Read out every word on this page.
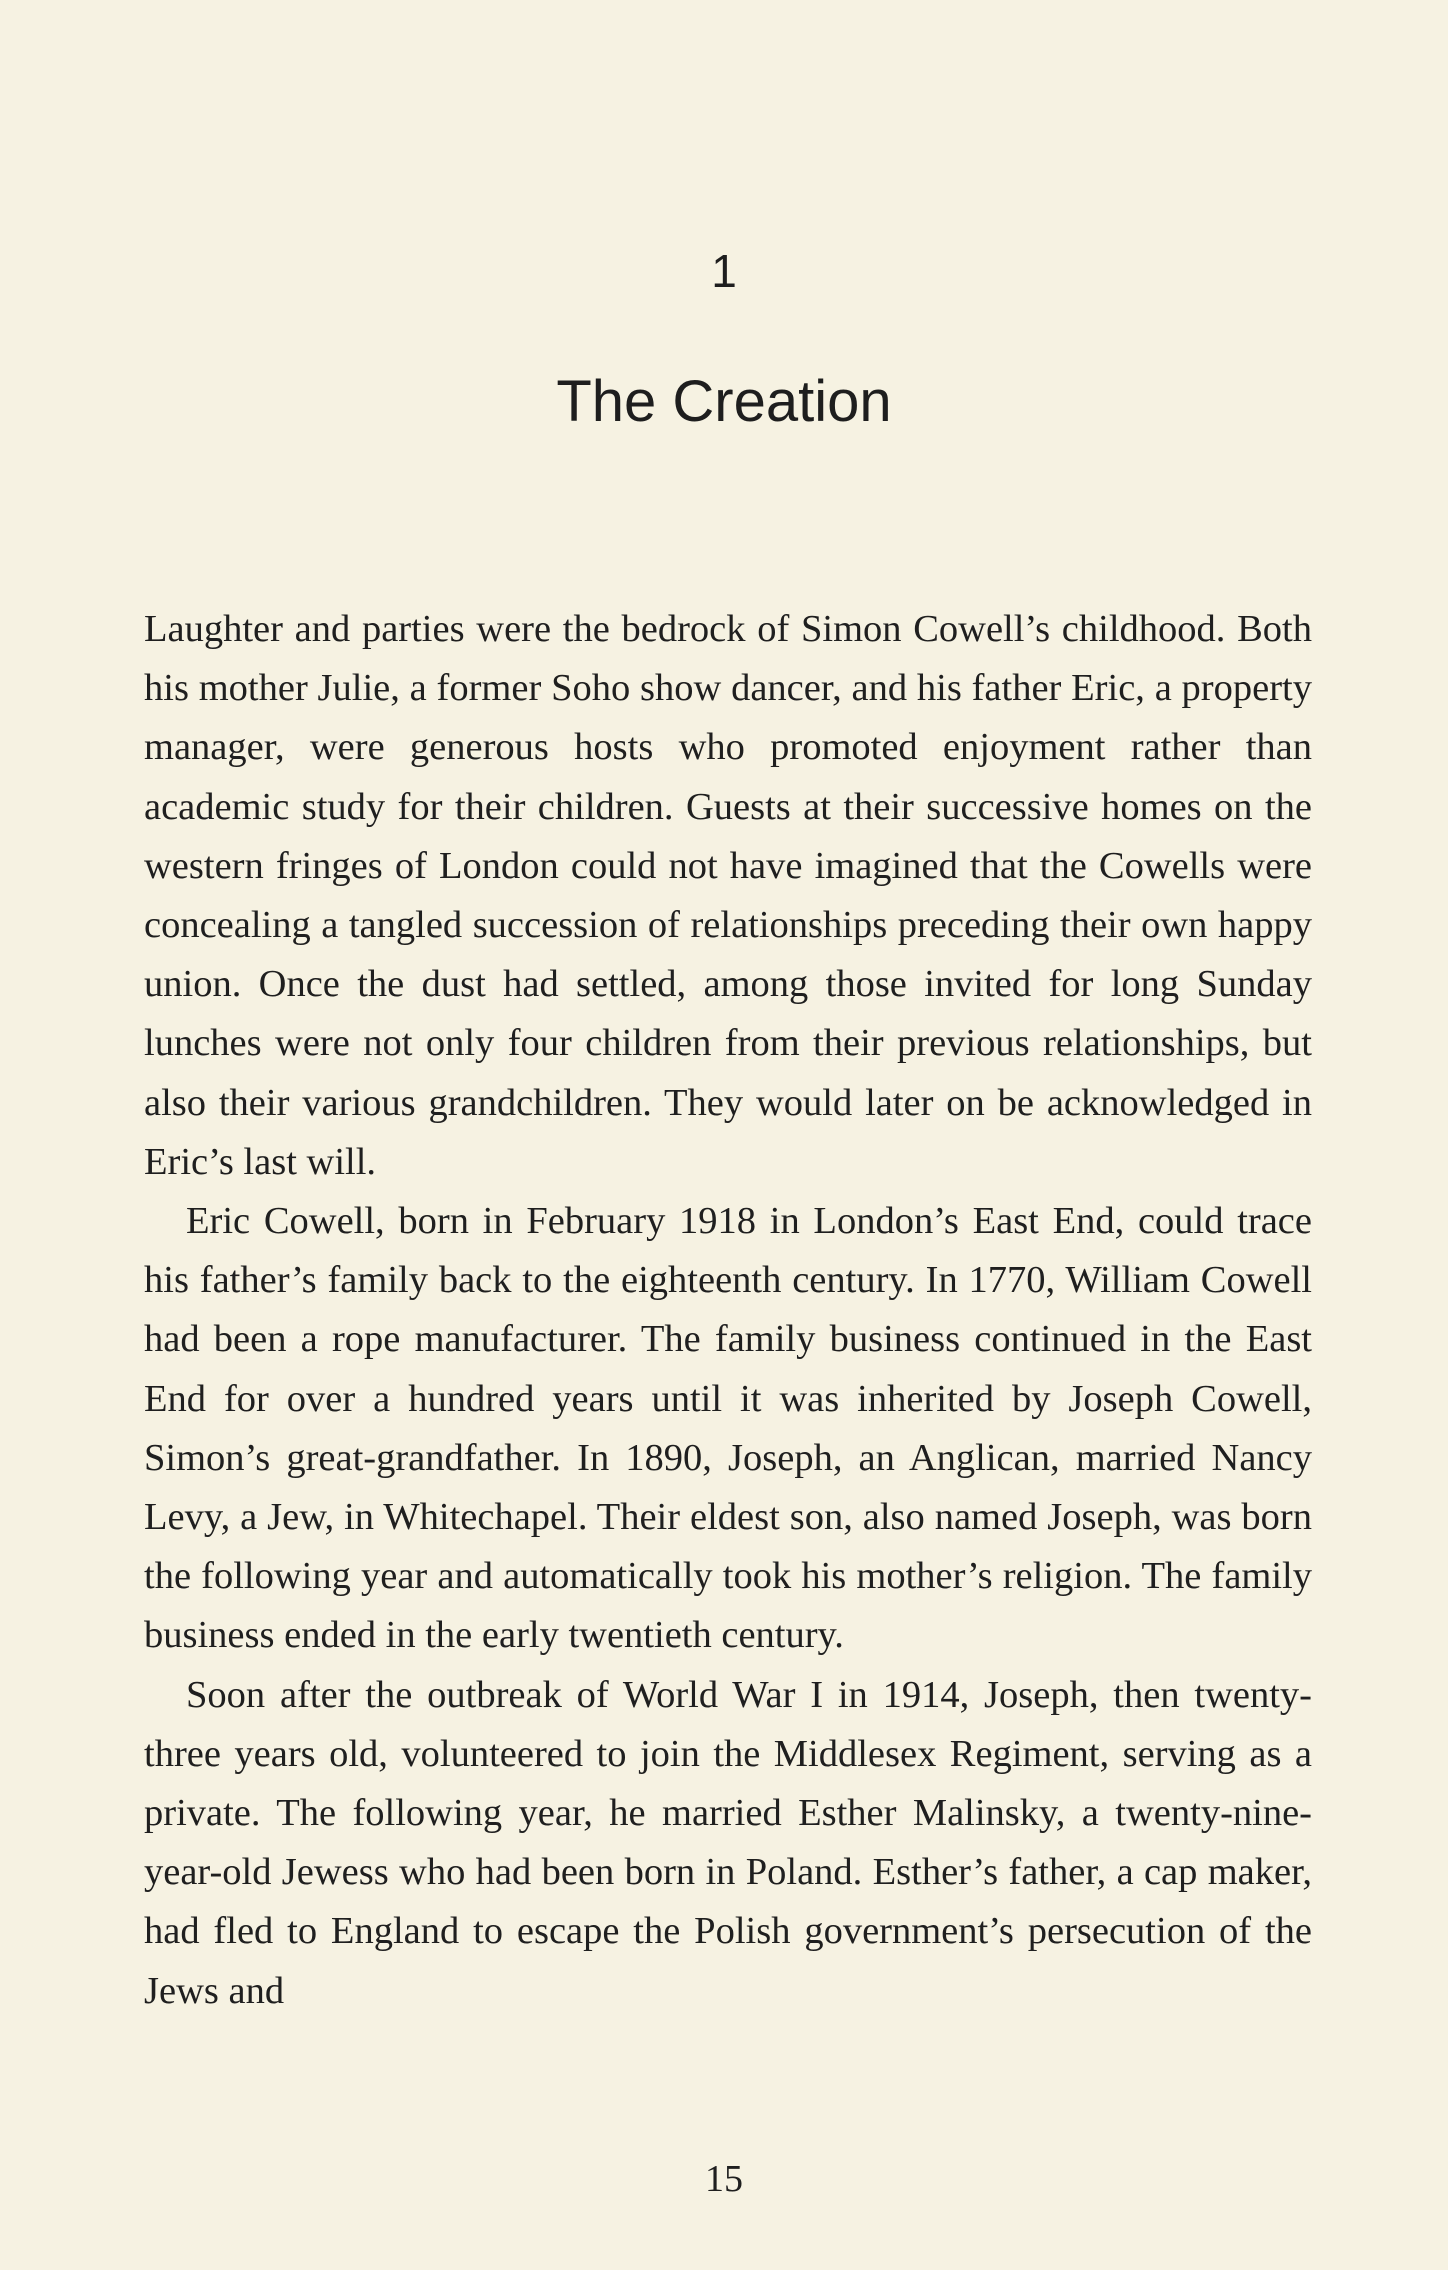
1
The Creation

Laughter and parties were the bedrock of Simon Cowell’s childhood. Both his mother Julie, a former Soho show dancer, and his father Eric, a property manager, were generous hosts who promoted enjoyment rather than academic study for their children. Guests at their successive homes on the western fringes of London could not have imagined that the Cowells were concealing a tangled succession of relationships preceding their own happy union. Once the dust had settled, among those invited for long Sunday lunches were not only four children from their previous relationships, but also their various grandchildren. They would later on be acknowledged in Eric’s last will.

Eric Cowell, born in February 1918 in London’s East End, could trace his father’s family back to the eighteenth century. In 1770, William Cowell had been a rope manufacturer. The family business continued in the East End for over a hundred years until it was inherited by Joseph Cowell, Simon’s great-grandfather. In 1890, Joseph, an Anglican, married Nancy Levy, a Jew, in Whitechapel. Their eldest son, also named Joseph, was born the following year and automatically took his mother’s religion. The family business ended in the early twentieth century.

Soon after the outbreak of World War I in 1914, Joseph, then twenty-three years old, volunteered to join the Middlesex Regiment, serving as a private. The following year, he married Esther Malinsky, a twenty-nine-year-old Jewess who had been born in Poland. Esther’s father, a cap maker, had fled to England to escape the Polish government’s persecution of the Jews and

15
